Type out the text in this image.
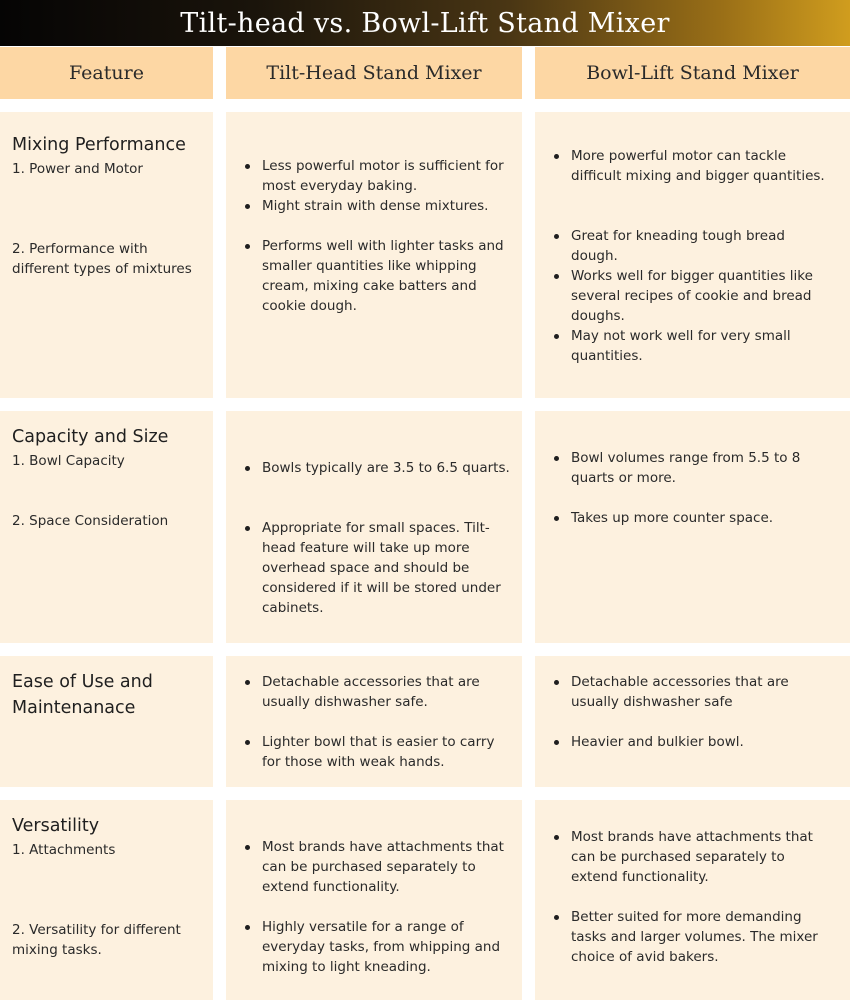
Tilt-head vs. Bowl-Lift Stand Mixer
Feature	Tilt-Head Stand Mixer	Bowl-Lift Stand Mixer
Mixing Performance
1. Power and Motor
2. Performance with different types of mixtures
Less powerful motor is sufficient for most everyday baking.
Might strain with dense mixtures.
Performs well with lighter tasks and smaller quantities like whipping cream, mixing cake batters and cookie dough.
More powerful motor can tackle difficult mixing and bigger quantities.
Great for kneading tough bread dough.
Works well for bigger quantities like several recipes of cookie and bread doughs.
May not work well for very small quantities.
Capacity and Size
1. Bowl Capacity
2. Space Consideration
Bowls typically are 3.5 to 6.5 quarts.
Appropriate for small spaces. Tilt-head feature will take up more overhead space and should be considered if it will be stored under cabinets.
Bowl volumes range from 5.5 to 8 quarts or more.
Takes up more counter space.
Ease of Use and Maintenanace
Detachable accessories that are usually dishwasher safe.
Lighter bowl that is easier to carry for those with weak hands.
Detachable accessories that are usually dishwasher safe
Heavier and bulkier bowl.
Versatility
1. Attachments
2. Versatility for different mixing tasks.
Most brands have attachments that can be purchased separately to extend functionality.
Highly versatile for a range of everyday tasks, from whipping and mixing to light kneading.
Most brands have attachments that can be purchased separately to extend functionality.
Better suited for more demanding tasks and larger volumes. The mixer choice of avid bakers.
